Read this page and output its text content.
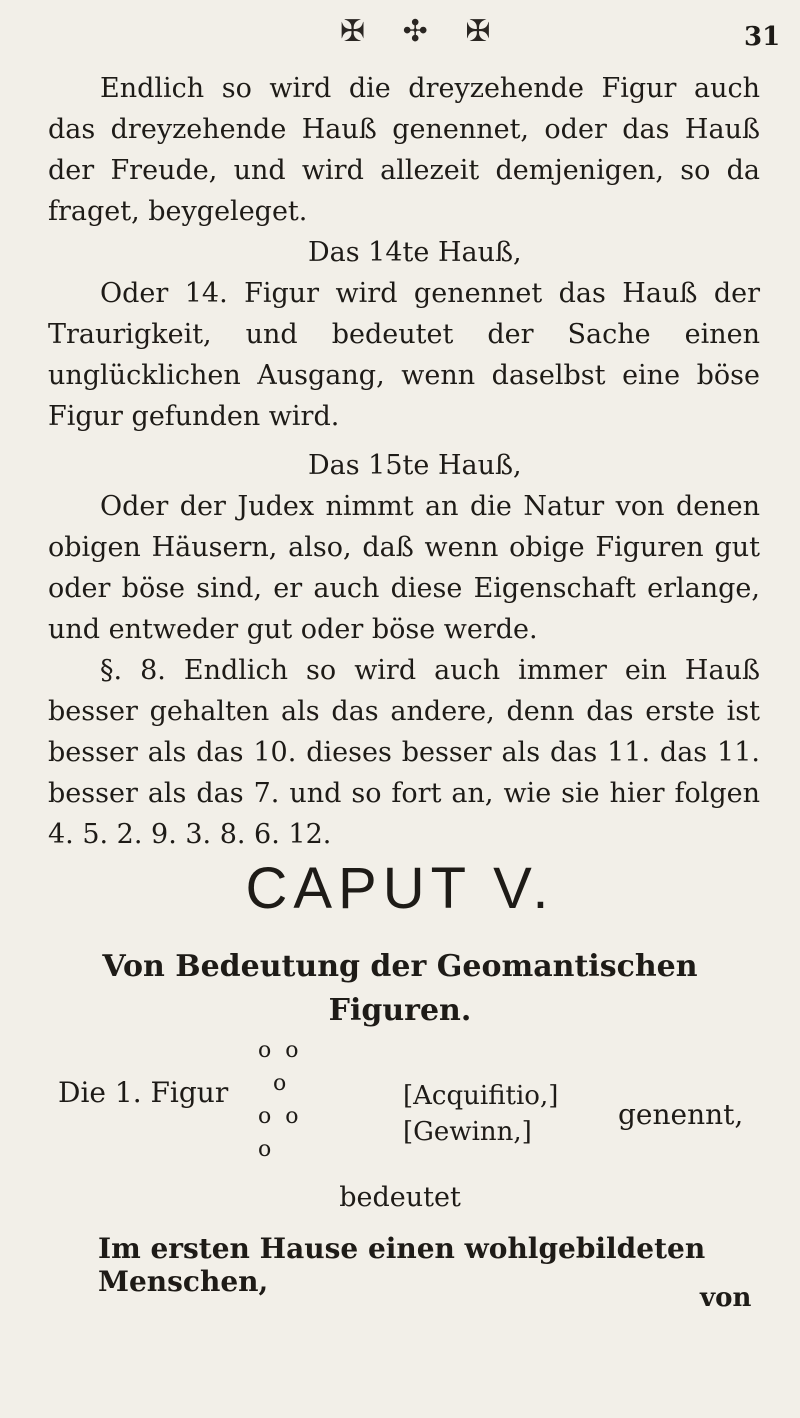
✠ ✣ ✠	31

Endlich so wird die dreyzehende Figur auch das dreyzehende Hauß genennet, oder das Hauß der Freude, und wird allezeit demjenigen, so da fraget, beygeleget.

Das 14te Hauß,

Oder 14. Figur wird genennet das Hauß der Traurigkeit, und bedeutet der Sache einen unglücklichen Ausgang, wenn daselbst eine böse Figur gefunden wird.

Das 15te Hauß,

Oder der Judex nimmt an die Natur von denen obigen Häusern, also, daß wenn obige Figuren gut oder böse sind, er auch diese Eigenschaft erlange, und entweder gut oder böse werde.

§. 8. Endlich so wird auch immer ein Hauß besser gehalten als das andere, denn das erste ist besser als das 10. dieses besser als das 11. das 11. besser als das 7. und so fort an, wie sie hier folgen 4. 5. 2. 9. 3. 8. 6. 12.

CAPUT V.
Von Bedeutung der Geomantischen Figuren.
o  o
o
o  o
o
Die 1. Figur	[Acquifitio,]
[Gewinn,]
genennt,
bedeutet
Im ersten Hause einen wohlgebildeten Menschen,	von
